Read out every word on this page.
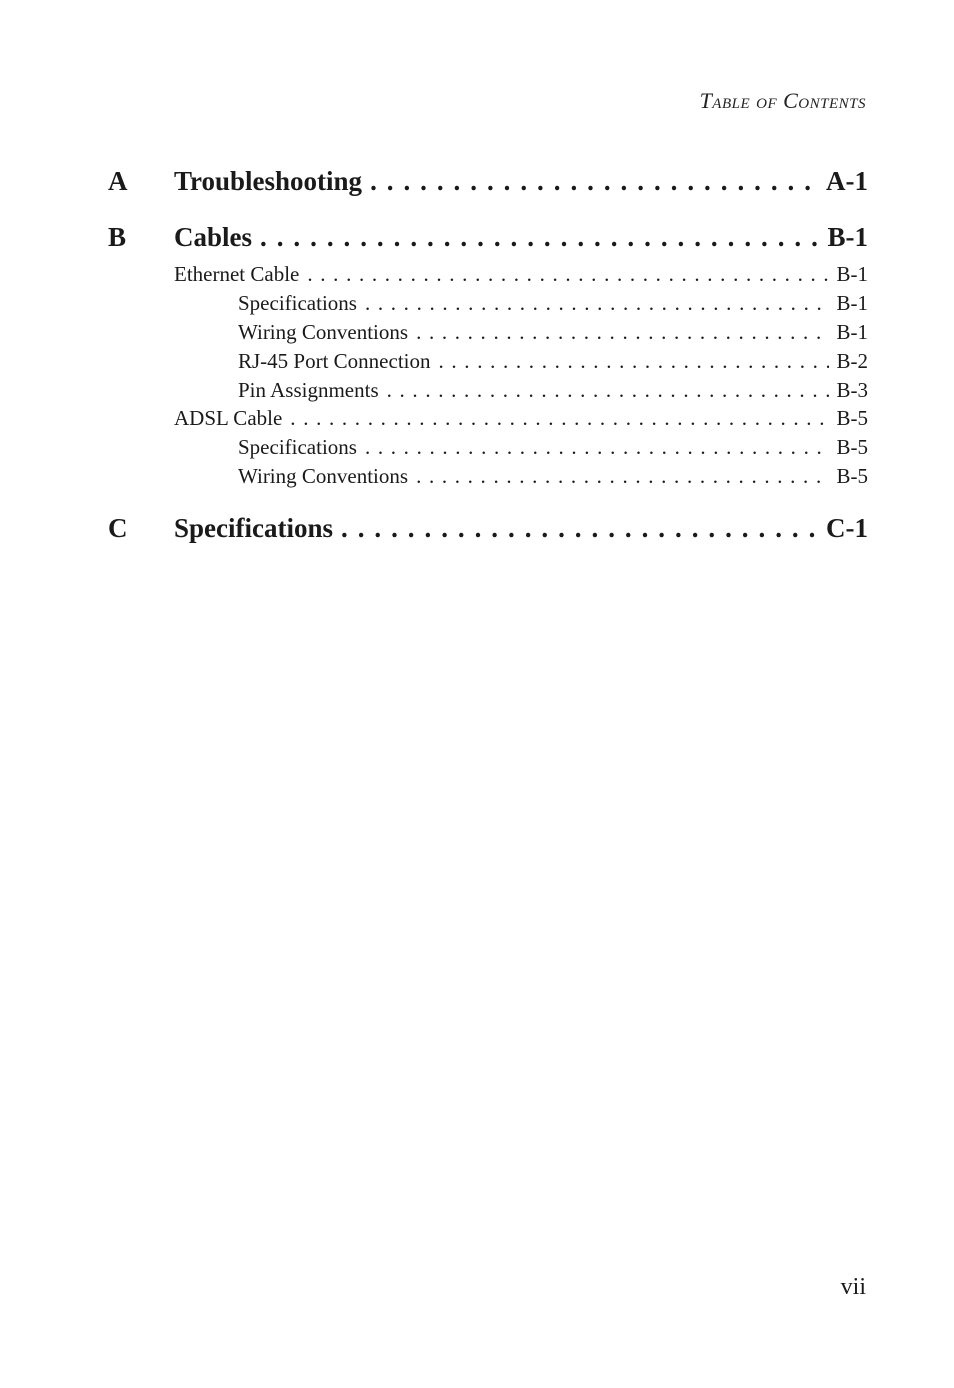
Table of Contents
A	Troubleshooting . . .	A-1
B	Cables . . .	B-1
Ethernet Cable . . .	B-1
Specifications . . .	B-1
Wiring Conventions . . .	B-1
RJ-45 Port Connection . . .	B-2
Pin Assignments . . .	B-3
ADSL Cable . . .	B-5
Specifications . . .	B-5
Wiring Conventions . . .	B-5
C	Specifications . . .	C-1
vii
